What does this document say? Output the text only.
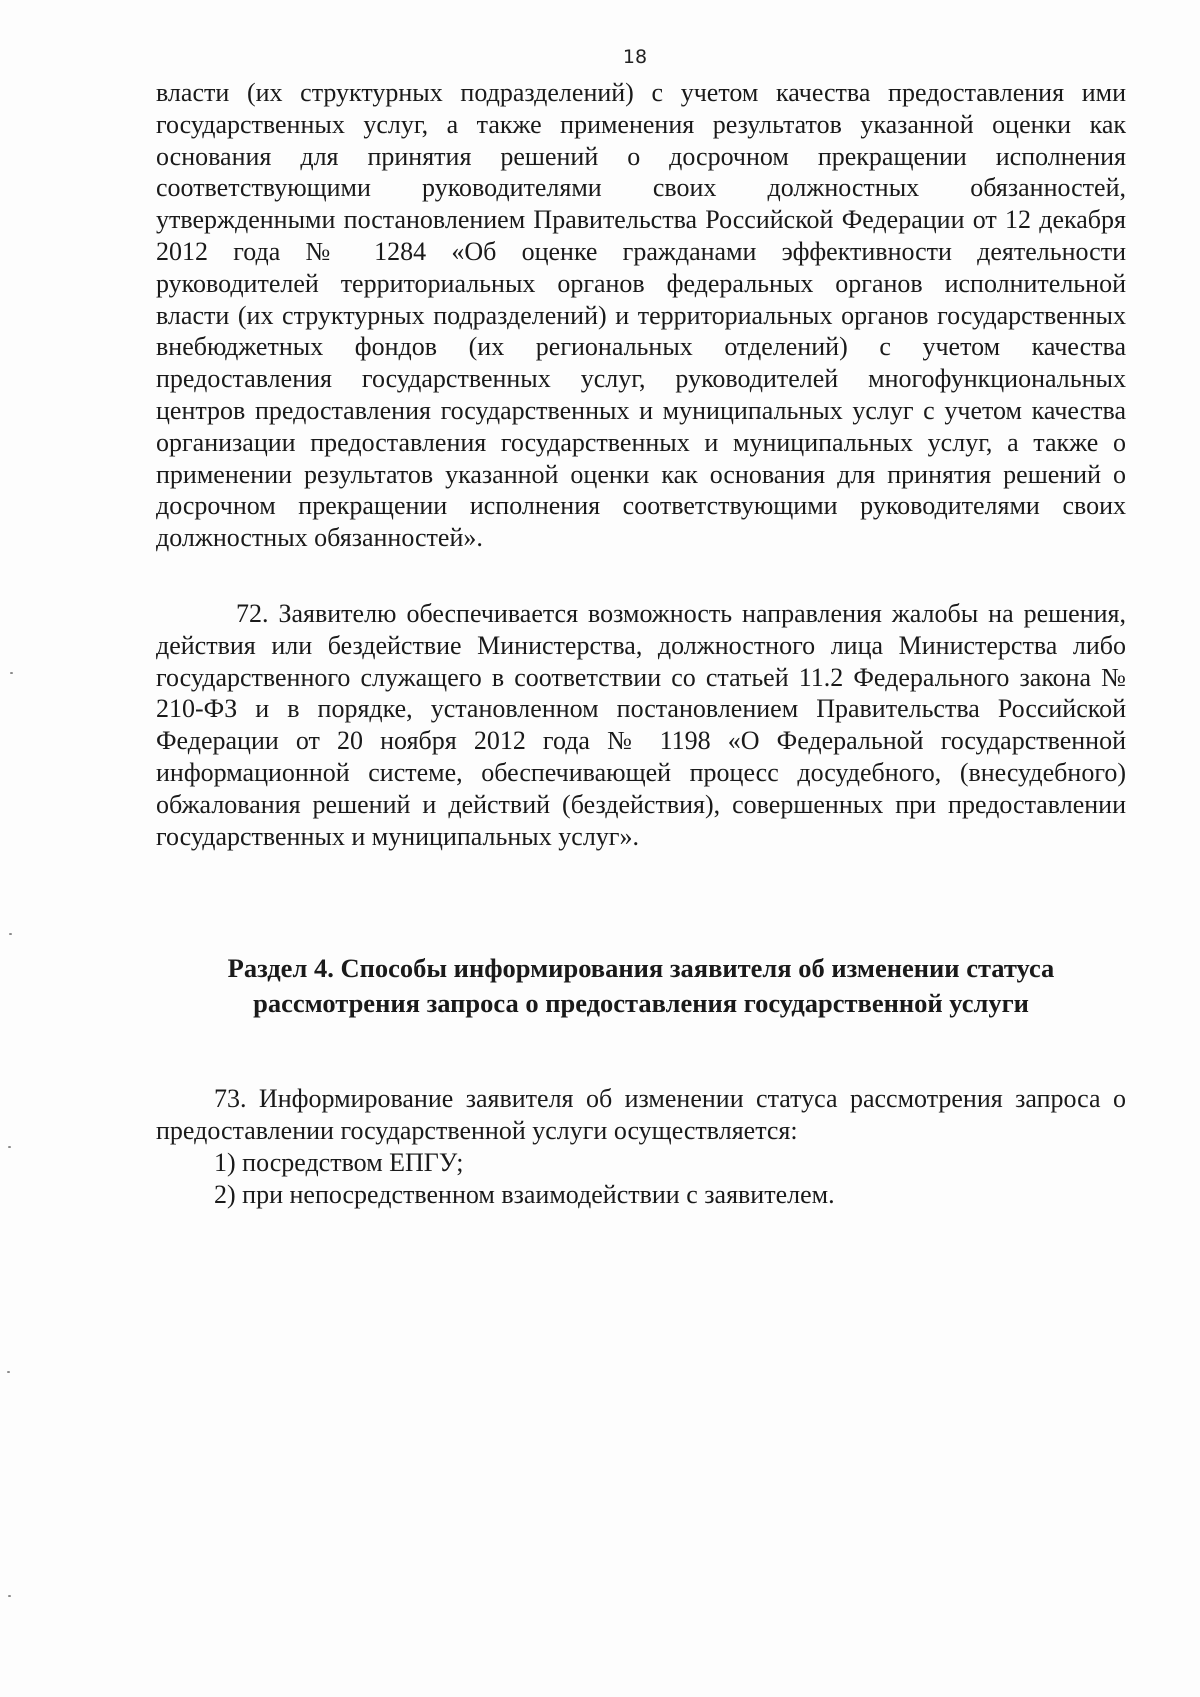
18

власти (их структурных подразделений) с учетом качества предоставления ими государственных услуг, а также применения результатов указанной оценки как основания для принятия решений о досрочном прекращении исполнения соответствующими руководителями своих должностных обязанностей, утвержденными постановлением Правительства Российской Федерации от 12 декабря 2012 года № 1284 «Об оценке гражданами эффективности деятельности руководителей территориальных органов федеральных органов исполнительной власти (их структурных подразделений) и территориальных органов государственных внебюджетных фондов (их региональных отделений) с учетом качества предоставления государственных услуг, руководителей многофункциональных центров предоставления государственных и муниципальных услуг с учетом качества организации предоставления государственных и муниципальных услуг, а также о применении результатов указанной оценки как основания для принятия решений о досрочном прекращении исполнения соответствующими руководителями своих должностных обязанностей».

72. Заявителю обеспечивается возможность направления жалобы на решения, действия или бездействие Министерства, должностного лица Министерства либо государственного служащего в соответствии со статьей 11.2 Федерального закона № 210-ФЗ и в порядке, установленном постановлением Правительства Российской Федерации от 20 ноября 2012 года № 1198 «О Федеральной государственной информационной системе, обеспечивающей процесс досудебного, (внесудебного) обжалования решений и действий (бездействия), совершенных при предоставлении государственных и муниципальных услуг».

Раздел 4. Способы информирования заявителя об изменении статуса рассмотрения запроса о предоставления государственной услуги

73. Информирование заявителя об изменении статуса рассмотрения запроса о предоставлении государственной услуги осуществляется:

1) посредством ЕПГУ;

2) при непосредственном взаимодействии с заявителем.
